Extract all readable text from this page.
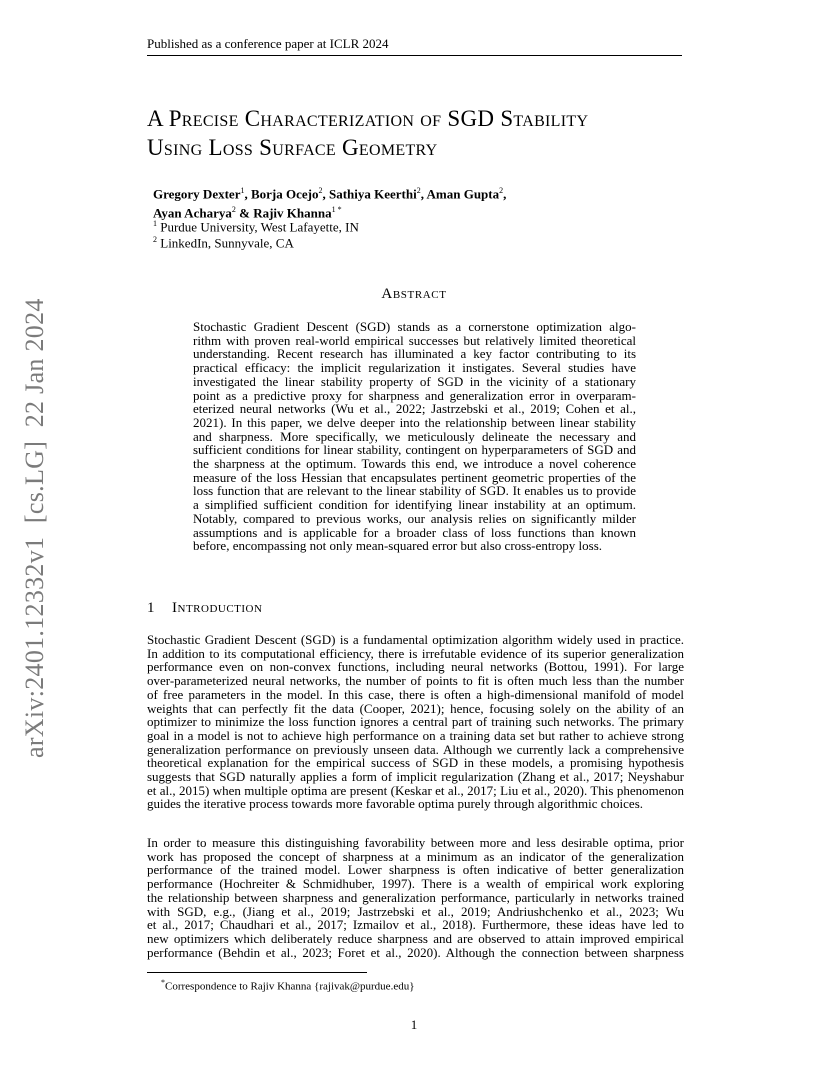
Published as a conference paper at ICLR 2024
arXiv:2401.12332v1  [cs.LG]  22 Jan 2024
A Precise Characterization of SGD Stability
Using Loss Surface Geometry
Gregory Dexter$^1$, Borja Ocejo$^2$, Sathiya Keerthi$^2$, Aman Gupta$^2$,
Ayan Acharya$^2$ & Rajiv Khanna$^{1 *}$
$^1$ Purdue University, West Lafayette, IN
$^2$ LinkedIn, Sunnyvale, CA
Abstract
Stochastic Gradient Descent (SGD) stands as a cornerstone optimization algo-
rithm with proven real-world empirical successes but relatively limited theoretical
understanding. Recent research has illuminated a key factor contributing to its
practical efficacy: the implicit regularization it instigates. Several studies have
investigated the linear stability property of SGD in the vicinity of a stationary
point as a predictive proxy for sharpness and generalization error in overparam-
eterized neural networks (Wu et al., 2022; Jastrzebski et al., 2019; Cohen et al.,
2021). In this paper, we delve deeper into the relationship between linear stability
and sharpness. More specifically, we meticulously delineate the necessary and
sufficient conditions for linear stability, contingent on hyperparameters of SGD and
the sharpness at the optimum. Towards this end, we introduce a novel coherence
measure of the loss Hessian that encapsulates pertinent geometric properties of the
loss function that are relevant to the linear stability of SGD. It enables us to provide
a simplified sufficient condition for identifying linear instability at an optimum.
Notably, compared to previous works, our analysis relies on significantly milder
assumptions and is applicable for a broader class of loss functions than known
before, encompassing not only mean-squared error but also cross-entropy loss.
1 Introduction
Stochastic Gradient Descent (SGD) is a fundamental optimization algorithm widely used in practice.
In addition to its computational efficiency, there is irrefutable evidence of its superior generalization
performance even on non-convex functions, including neural networks (Bottou, 1991). For large
over-parameterized neural networks, the number of points to fit is often much less than the number
of free parameters in the model. In this case, there is often a high-dimensional manifold of model
weights that can perfectly fit the data (Cooper, 2021); hence, focusing solely on the ability of an
optimizer to minimize the loss function ignores a central part of training such networks. The primary
goal in a model is not to achieve high performance on a training data set but rather to achieve strong
generalization performance on previously unseen data. Although we currently lack a comprehensive
theoretical explanation for the empirical success of SGD in these models, a promising hypothesis
suggests that SGD naturally applies a form of implicit regularization (Zhang et al., 2017; Neyshabur
et al., 2015) when multiple optima are present (Keskar et al., 2017; Liu et al., 2020). This phenomenon
guides the iterative process towards more favorable optima purely through algorithmic choices.
In order to measure this distinguishing favorability between more and less desirable optima, prior
work has proposed the concept of sharpness at a minimum as an indicator of the generalization
performance of the trained model. Lower sharpness is often indicative of better generalization
performance (Hochreiter & Schmidhuber, 1997). There is a wealth of empirical work exploring
the relationship between sharpness and generalization performance, particularly in networks trained
with SGD, e.g., (Jiang et al., 2019; Jastrzebski et al., 2019; Andriushchenko et al., 2023; Wu
et al., 2017; Chaudhari et al., 2017; Izmailov et al., 2018). Furthermore, these ideas have led to
new optimizers which deliberately reduce sharpness and are observed to attain improved empirical
performance (Behdin et al., 2023; Foret et al., 2020). Although the connection between sharpness
*Correspondence to Rajiv Khanna {rajivak@purdue.edu}
1
